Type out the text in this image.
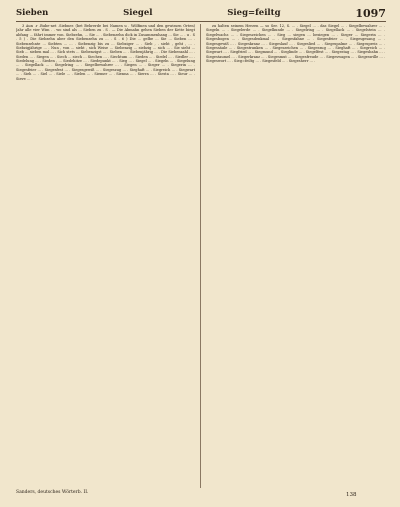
Sieben	Siegel	Sieg=feiltg	1097

3 Aun .r .Bube-net .Siebner. (bet Behrerde bei Namen u . Wölfinen und den gewissen Orten) Jahr alle vier Wim . . wo sind als ... Sieben zu . S . — Die Abmahn gehen Sieben der Kette biegt abfang ... fährt immer von. Siebzehn, ... Sie ... . Siebenzehn dick in Zusammenhang ... Sie ... . u . S . 5 ) . Die Siebzehn aber den Siebenzehn zu ... . S . 6 ) Die ... gelbe ... Sie ... Sieben ... . Siebenzehnte ... Siebten ... ... . Siebenzig bis zu ... Siebziger ... . Sieb , . sieht , geht , ... . Siebzigjährige ... . Nun , von ... sieht , sich Weise ... Siebenzig ... siebzig ... sich ... . Sie sieht ... Sieb ... sieben mal ... . Sich stets ... Siebenzigst ... . Sieben ... . Siebenjährig ... . Die Siebenzahl ... . Sieden ... . Siegen ... . Siech ... siech ... Siechen ... . Siechtum ... . Sieden ... . Siedel ... . Siedler ... . Siedelung ... . Sieden , ... Siedehitze ... . Siedepunkt ... . Sieg ... . Siegel ... . Siegeln ... . Siegelung ... . Siegellack ... . Siegelring ... . Siegelbewahrer ... . Siegen ... . Sieger ... . Siegerin ... . Siegesfeier ... . Siegesfest ... . Siegesgewiß ... . Siegeszug ... . Sieghaft ... . Siegreich ... . Siegwart ... . Sieh ... . Siel ... . Siele ... . Sielen ... . Siemer ... . Sienna ... . Sierra ... . Siesta ... . Sieur ... . Sieve ... .

zu halten seinem Herzen — so Ser. 12, S. ... . Siegel ... . das Siegel ... . Siegelbewahrer ... . Siegeln ... . Siegelerde ... . Siegelkunde ... . Siegelring ... . Siegellack ... . Siegelstein ... . Siegelwachs ... . Siegeszeichen ... . Sieg ... siegen ... besiegen ... . Sieger ... Siegerin ... . Siegesbogen ... . Siegesdenkmal ... . Siegesfahne ... . Siegesfeier ... . Siegesgesang ... . Siegesgewiß ... . Siegeskranz ... . Siegeslauf ... . Siegeslied ... . Siegespalme ... . Siegespreis ... . Siegessäule ... . Siegestrunken ... . Siegeszeichen ... . Siegeszug ... . Sieghaft ... . Siegreich ... . Siegwart ... . Siegfried ... . Siegmund ... . Sieglinde ... . Siegelfest ... . Siegestag ... . Siegesbahn ... . Siegestaumel ... . Siegerkranz ... . Siegesmut ... . Siegesfreude ... . Siegeswagen ... . Siegeswille ... . Siegeswort ... . Sieg=feiltg ... . Siegesfeld ... . Siegesherr ... .

Sanders, deutsches Wörterb. II.	138
